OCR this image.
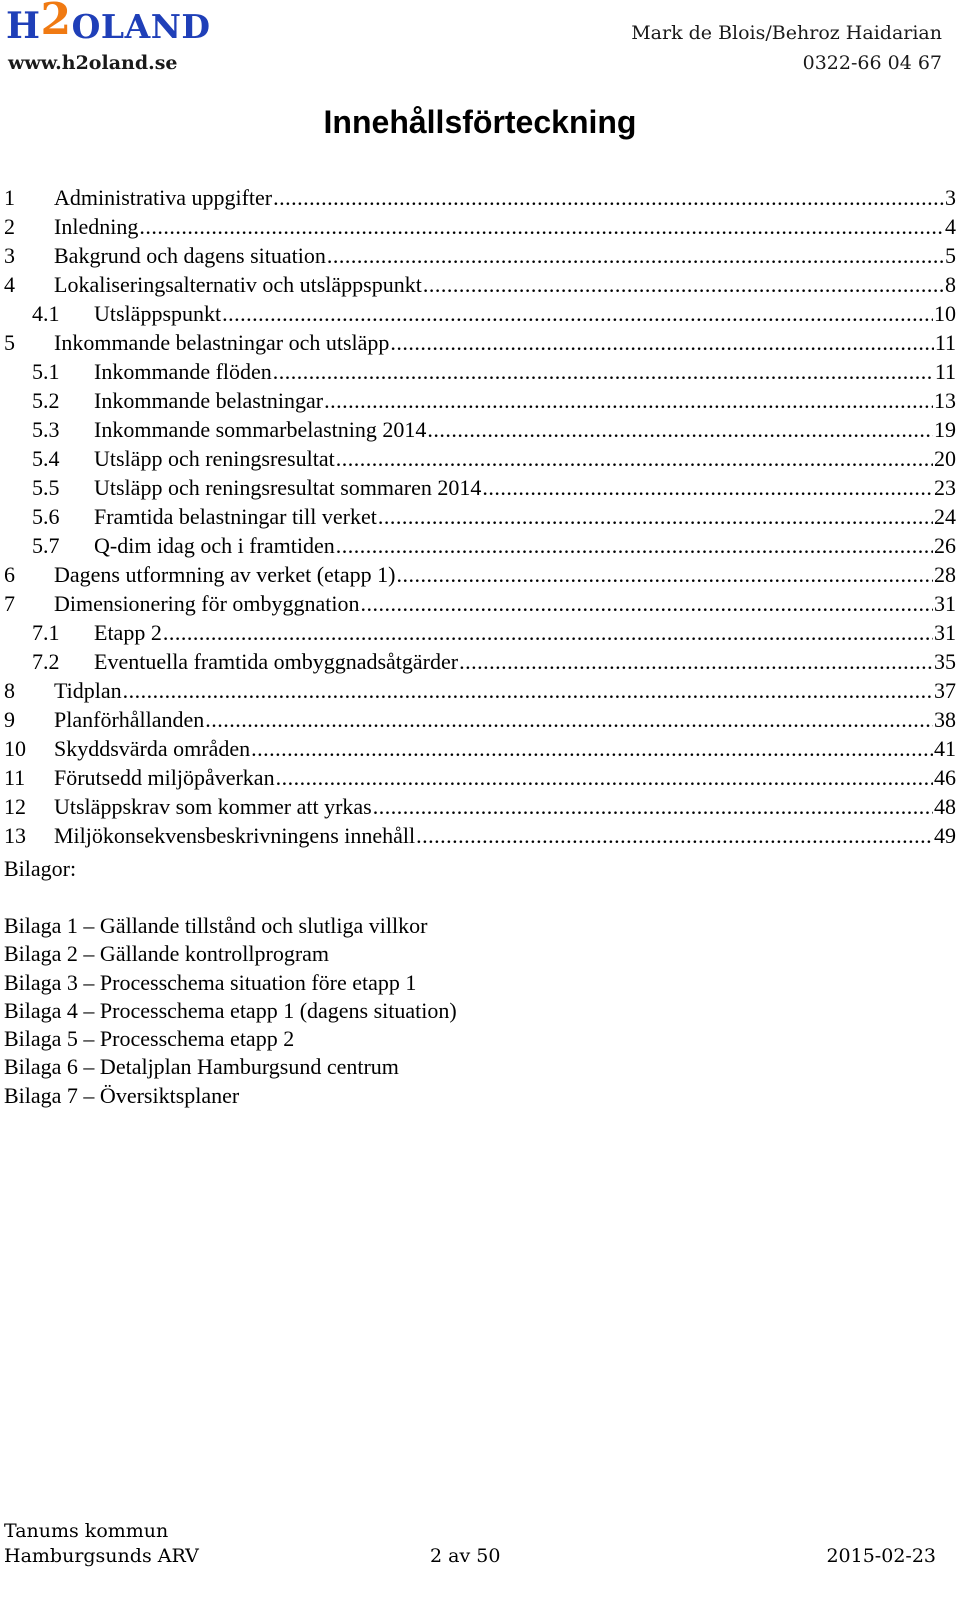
H2OLAND
www.h2oland.se
Mark de Blois/Behroz Haidarian
0322-66 04 67
Innehållsförteckning
1	Administrativa uppgifter .....	3
2	Inledning .....	4
3	Bakgrund och dagens situation .....	5
4	Lokaliseringsalternativ och utsläppspunkt .....	8
4.1	Utsläppspunkt .....	10
5	Inkommande belastningar och utsläpp .....	11
5.1	Inkommande flöden .....	11
5.2	Inkommande belastningar .....	13
5.3	Inkommande sommarbelastning 2014 .....	19
5.4	Utsläpp och reningsresultat .....	20
5.5	Utsläpp och reningsresultat sommaren 2014 .....	23
5.6	Framtida belastningar till verket .....	24
5.7	Q-dim idag och i framtiden .....	26
6	Dagens utformning av verket (etapp 1) .....	28
7	Dimensionering för ombyggnation .....	31
7.1	Etapp 2 .....	31
7.2	Eventuella framtida ombyggnadsåtgärder .....	35
8	Tidplan .....	37
9	Planförhållanden .....	38
10	Skyddsvärda områden .....	41
11	Förutsedd miljöpåverkan .....	46
12	Utsläppskrav som kommer att yrkas .....	48
13	Miljökonsekvensbeskrivningens innehåll .....	49
Bilagor:
Bilaga 1 – Gällande tillstånd och slutliga villkor
Bilaga 2 – Gällande kontrollprogram
Bilaga 3 – Processchema situation före etapp 1
Bilaga 4 – Processchema etapp 1 (dagens situation)
Bilaga 5 – Processchema etapp 2
Bilaga 6 – Detaljplan Hamburgsund centrum
Bilaga 7 – Översiktsplaner
Tanums kommun
Hamburgsunds ARV	2 av 50	2015-02-23
